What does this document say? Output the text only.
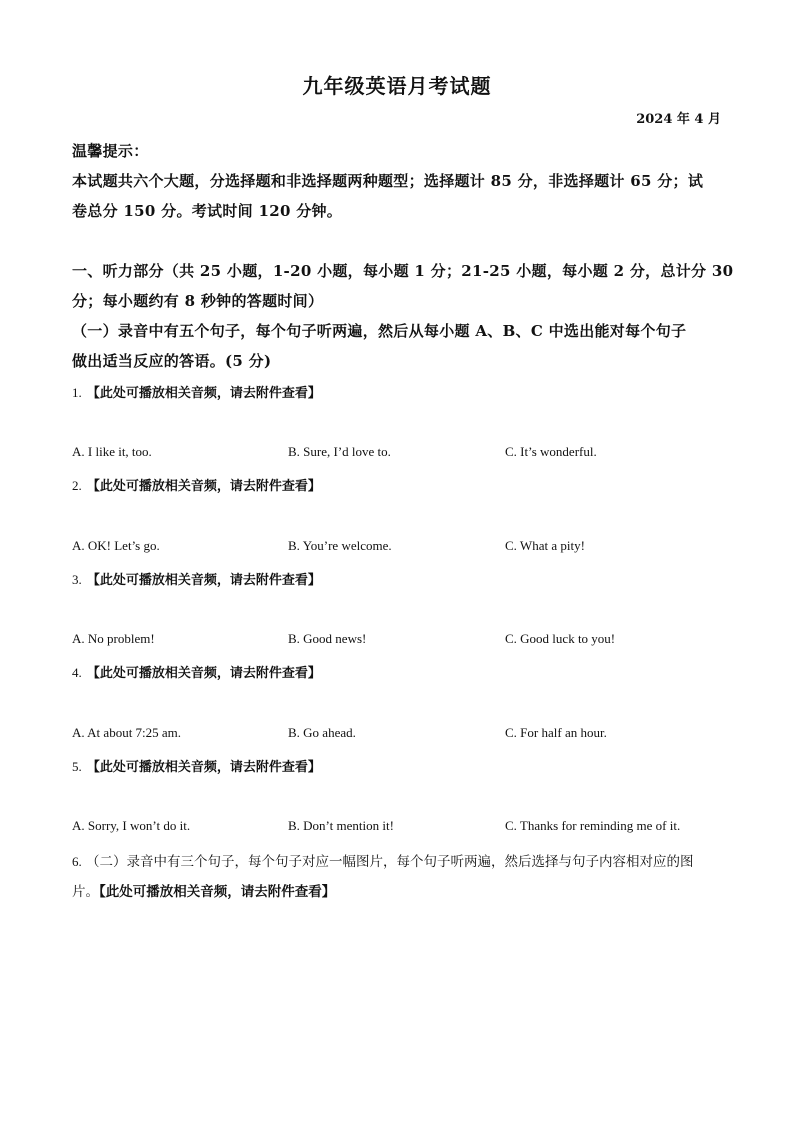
九年级英语月考试题
2024 年 4 月
温馨提示：
本试题共六个大题，分选择题和非选择题两种题型；选择题计 85 分，非选择题计 65 分；试
卷总分 150 分。考试时间 120 分钟。
一、听力部分（共 25 小题，1-20 小题，每小题 1 分；21-25 小题，每小题 2 分，总计分 30
分；每小题约有 8 秒钟的答题时间）
（一）录音中有五个句子，每个句子听两遍，然后从每小题 A、B、C 中选出能对每个句子
做出适当反应的答语。(5 分)
1. 【此处可播放相关音频，请去附件查看】
A. I like it, too.	B. Sure, I’d love to.	C. It’s wonderful.
2. 【此处可播放相关音频，请去附件查看】
A. OK! Let’s go.	B. You’re welcome.	C. What a pity!
3. 【此处可播放相关音频，请去附件查看】
A. No problem!	B. Good news!	C. Good luck to you!
4. 【此处可播放相关音频，请去附件查看】
A. At about 7:25 am.	B. Go ahead.	C. For half an hour.
5. 【此处可播放相关音频，请去附件查看】
A. Sorry, I won’t do it.	B. Don’t mention it!	C. Thanks for reminding me of it.
6. （二）录音中有三个句子，每个句子对应一幅图片，每个句子听两遍，然后选择与句子内容相对应的图
片。【此处可播放相关音频，请去附件查看】
